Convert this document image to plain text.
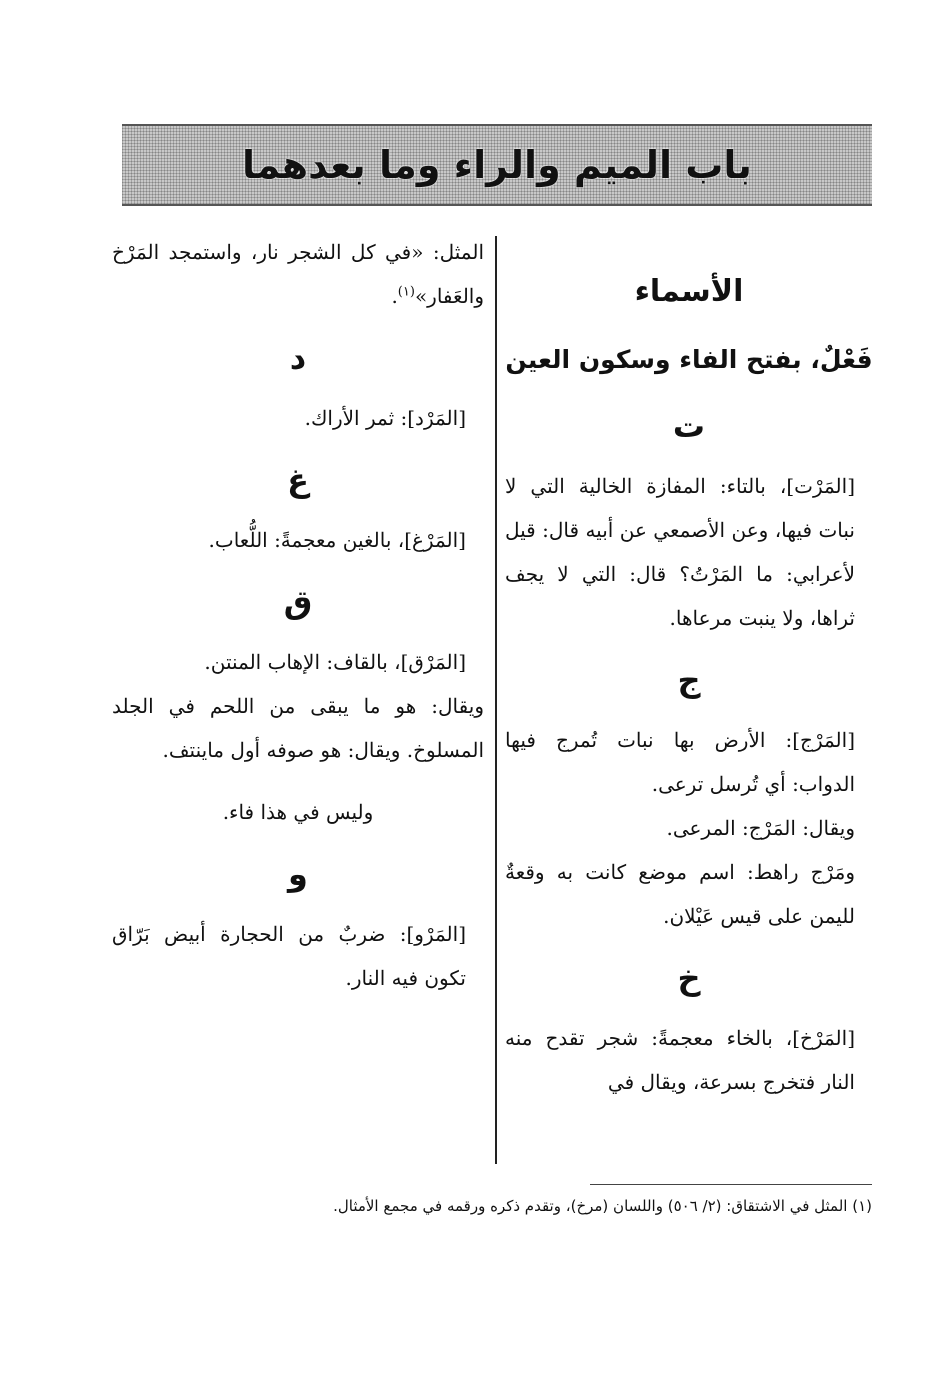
باب الميم والراء وما بعدهما
الأسماء
فَعْلٌ، بفتح الفاء وسكون العين
ت

[المَرْت]، بالتاء: المفازة الخالية التي لا نبات فيها، وعن الأصمعي عن أبيه قال: قيل لأعرابي: ما المَرْتُ؟ قال: التي لا يجف ثراها، ولا ينبت مرعاها.

ج

[المَرْج]: الأرض بها نبات تُمرج فيها الدواب: أي تُرسل ترعى.

ويقال: المَرْج: المرعى.

ومَرْج راهط: اسم موضع كانت به وقعةٌ لليمن على قيس عَيْلان.

خ

[المَرْخ]، بالخاء معجمةً: شجر تقدح منه النار فتخرج بسرعة، ويقال في

المثل: «في كل الشجر نار، واستمجد المَرْخ والعَفار»$^{(١)}$.

د

[المَرْد]: ثمر الأراك.

غ

[المَرْغ]، بالغين معجمةً: اللُّعاب.

ق

[المَرْق]، بالقاف: الإهاب المنتن.

ويقال: هو ما يبقى من اللحم في الجلد المسلوخ. ويقال: هو صوفه أول ماينتف.

وليس في هذا فاء.

و

[المَرْو]: ضربٌ من الحجارة أبيض بَرّاق تكون فيه النار.

(١) المثل في الاشتقاق: (٢/ ٥٠٦) واللسان (مرخ)، وتقدم ذكره ورقمه في مجمع الأمثال.
